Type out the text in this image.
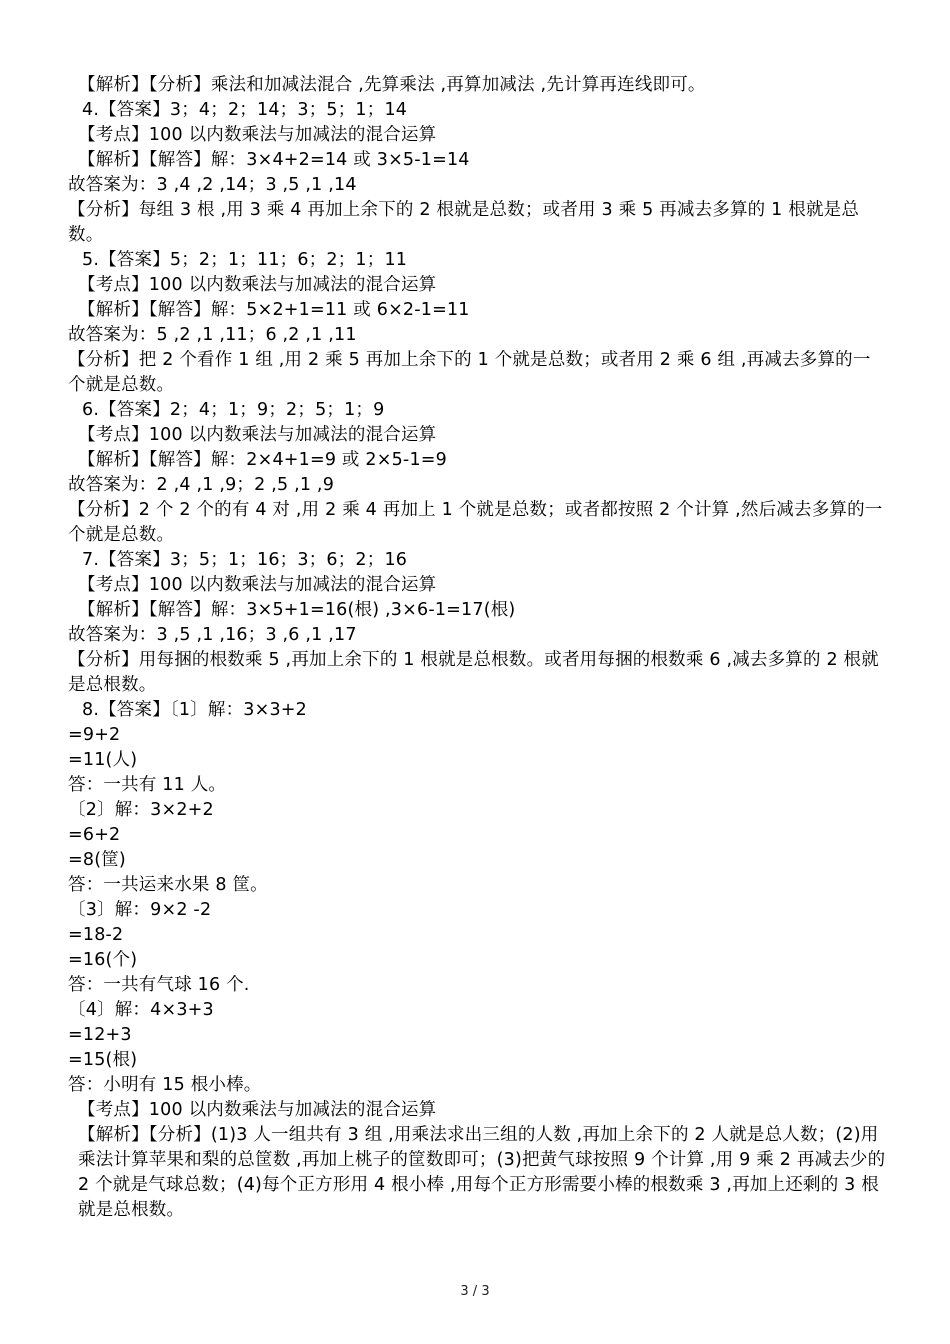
【解析】【分析】乘法和加减法混合 ,先算乘法 ,再算加减法 ,先计算再连线即可。
4.【答案】3；4；2；14；3；5；1；14
【考点】100 以内数乘法与加减法的混合运算
【解析】【解答】解：3×4+2=14 或 3×5-1=14
故答案为：3 ,4 ,2 ,14；3 ,5 ,1 ,14
【分析】每组 3 根 ,用 3 乘 4 再加上余下的 2 根就是总数；或者用 3 乘 5 再减去多算的 1 根就是总数。
5.【答案】5；2；1；11；6；2；1；11
【考点】100 以内数乘法与加减法的混合运算
【解析】【解答】解：5×2+1=11 或 6×2-1=11
故答案为：5 ,2 ,1 ,11；6 ,2 ,1 ,11
【分析】把 2 个看作 1 组 ,用 2 乘 5 再加上余下的 1 个就是总数；或者用 2 乘 6 组 ,再减去多算的一个就是总数。
6.【答案】2；4；1；9；2；5；1；9
【考点】100 以内数乘法与加减法的混合运算
【解析】【解答】解：2×4+1=9 或 2×5-1=9
故答案为：2 ,4 ,1 ,9；2 ,5 ,1 ,9
【分析】2 个 2 个的有 4 对 ,用 2 乘 4 再加上 1 个就是总数；或者都按照 2 个计算 ,然后减去多算的一个就是总数。
7.【答案】3；5；1；16；3；6；2；16
【考点】100 以内数乘法与加减法的混合运算
【解析】【解答】解：3×5+1=16(根) ,3×6-1=17(根)
故答案为：3 ,5 ,1 ,16；3 ,6 ,1 ,17
【分析】用每捆的根数乘 5 ,再加上余下的 1 根就是总根数。或者用每捆的根数乘 6 ,减去多算的 2 根就是总根数。
8.【答案】〔1〕解：3×3+2
=9+2
=11(人)
答：一共有 11 人。
〔2〕解：3×2+2
=6+2
=8(筐)
答：一共运来水果 8 筐。
〔3〕解：9×2 -2
=18-2
=16(个)
答：一共有气球 16 个.
〔4〕解：4×3+3
=12+3
=15(根)
答：小明有 15 根小棒。
【考点】100 以内数乘法与加减法的混合运算
【解析】【分析】(1)3 人一组共有 3 组 ,用乘法求出三组的人数 ,再加上余下的 2 人就是总人数；(2)用乘法计算苹果和梨的总筐数 ,再加上桃子的筐数即可；(3)把黄气球按照 9 个计算 ,用 9 乘 2 再减去少的 2 个就是气球总数；(4)每个正方形用 4 根小棒 ,用每个正方形需要小棒的根数乘 3 ,再加上还剩的 3 根就是总根数。
3 / 3
